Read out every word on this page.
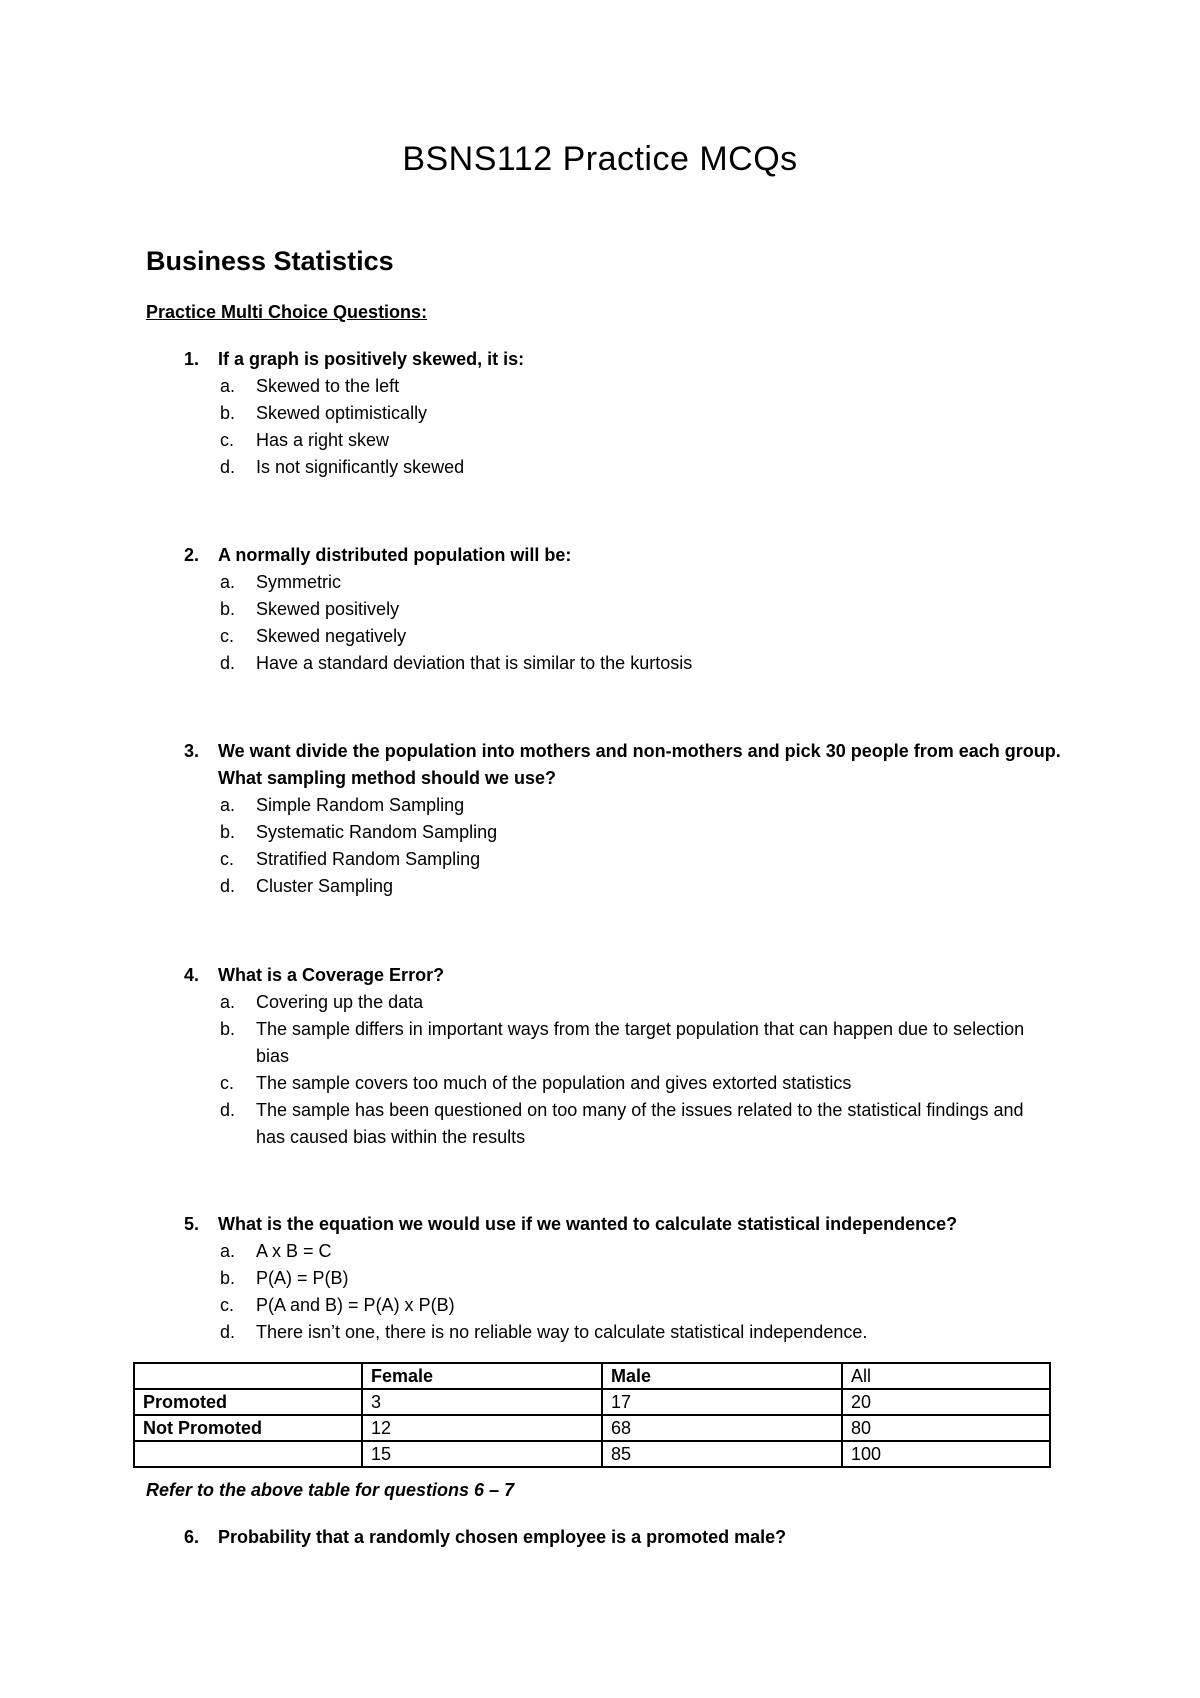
BSNS112 Practice MCQs
Business Statistics
Practice Multi Choice Questions:
1.	If a graph is positively skewed, it is:
a.	Skewed to the left
b.	Skewed optimistically
c.	Has a right skew
d.	Is not significantly skewed
2.	A normally distributed population will be:
a.	Symmetric
b.	Skewed positively
c.	Skewed negatively
d.	Have a standard deviation that is similar to the kurtosis
3.	We want divide the population into mothers and non-mothers and pick 30 people from each group. What sampling method should we use?
a.	Simple Random Sampling
b.	Systematic Random Sampling
c.	Stratified Random Sampling
d.	Cluster Sampling
4.	What is a Coverage Error?
a.	Covering up the data
b.	The sample differs in important ways from the target population that can happen due to selection bias
c.	The sample covers too much of the population and gives extorted statistics
d.	The sample has been questioned on too many of the issues related to the statistical findings and has caused bias within the results
5.	What is the equation we would use if we wanted to calculate statistical independence?
a.	A x B = C
b.	P(A) = P(B)
c.	P(A and B) = P(A) x P(B)
d.	There isn’t one, there is no reliable way to calculate statistical independence.
	Female	Male	All
Promoted	3	17	20
Not Promoted	12	68	80
	15	85	100
Refer to the above table for questions 6 – 7
6.	Probability that a randomly chosen employee is a promoted male?
